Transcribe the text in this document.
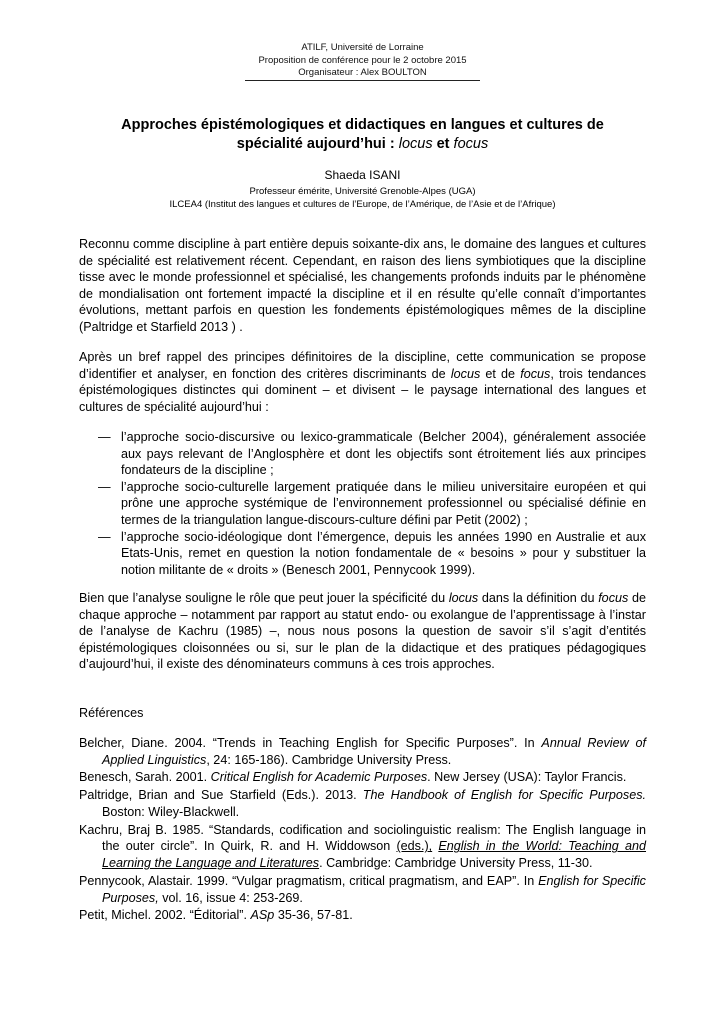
ATILF, Université de Lorraine
Proposition de conférence pour le 2 octobre 2015
Organisateur : Alex BOULTON
Approches épistémologiques et didactiques en langues et cultures de spécialité aujourd’hui : locus et focus
Shaeda ISANI
Professeur émérite, Université Grenoble-Alpes (UGA)
ILCEA4 (Institut des langues et cultures de l’Europe, de l’Amérique, de l’Asie et de l’Afrique)

Reconnu comme discipline à part entière depuis soixante-dix ans, le domaine des langues et cultures de spécialité est relativement récent. Cependant, en raison des liens symbiotiques que la discipline tisse avec le monde professionnel et spécialisé, les changements profonds induits par le phénomène de mondialisation ont fortement impacté la discipline et il en résulte qu’elle connaît d’importantes évolutions, mettant parfois en question les fondements épistémologiques mêmes de la discipline (Paltridge et Starfield 2013 ) .

Après un bref rappel des principes définitoires de la discipline, cette communication se propose d’identifier et analyser, en fonction des critères discriminants de locus et de focus, trois tendances épistémologiques distinctes qui dominent – et divisent – le paysage international des langues et cultures de spécialité aujourd’hui :

— l’approche socio-discursive ou lexico-grammaticale (Belcher 2004), généralement associée aux pays relevant de l’Anglosphère et dont les objectifs sont étroitement liés aux principes fondateurs de la discipline ;
— l’approche socio-culturelle largement pratiquée dans le milieu universitaire européen et qui prône une approche systémique de l’environnement professionnel ou spécialisé définie en termes de la triangulation langue-discours-culture défini par Petit (2002) ;
— l’approche socio-idéologique dont l’émergence, depuis les années 1990 en Australie et aux Etats-Unis, remet en question la notion fondamentale de « besoins » pour y substituer la notion militante de « droits » (Benesch 2001, Pennycook 1999).

Bien que l’analyse souligne le rôle que peut jouer la spécificité du locus dans la définition du focus de chaque approche – notamment par rapport au statut endo- ou exolangue de l’apprentissage à l’instar de l’analyse de Kachru (1985) –, nous nous posons la question de savoir s’il s’agit d’entités épistémologiques cloisonnées ou si, sur le plan de la didactique et des pratiques pédagogiques d’aujourd’hui, il existe des dénominateurs communs à ces trois approches.

Références

Belcher, Diane. 2004. “Trends in Teaching English for Specific Purposes”. In Annual Review of Applied Linguistics, 24: 165-186). Cambridge University Press.

Benesch, Sarah. 2001. Critical English for Academic Purposes. New Jersey (USA): Taylor Francis.

Paltridge, Brian and Sue Starfield (Eds.). 2013. The Handbook of English for Specific Purposes. Boston: Wiley-Blackwell.

Kachru, Braj B. 1985. “Standards, codification and sociolinguistic realism: The English language in the outer circle”. In Quirk, R. and H. Widdowson (eds.), English in the World: Teaching and Learning the Language and Literatures. Cambridge: Cambridge University Press, 11-30.

Pennycook, Alastair. 1999. “Vulgar pragmatism, critical pragmatism, and EAP”. In English for Specific Purposes, vol. 16, issue 4: 253-269.

Petit, Michel. 2002. “Éditorial”. ASp 35-36, 57-81.
